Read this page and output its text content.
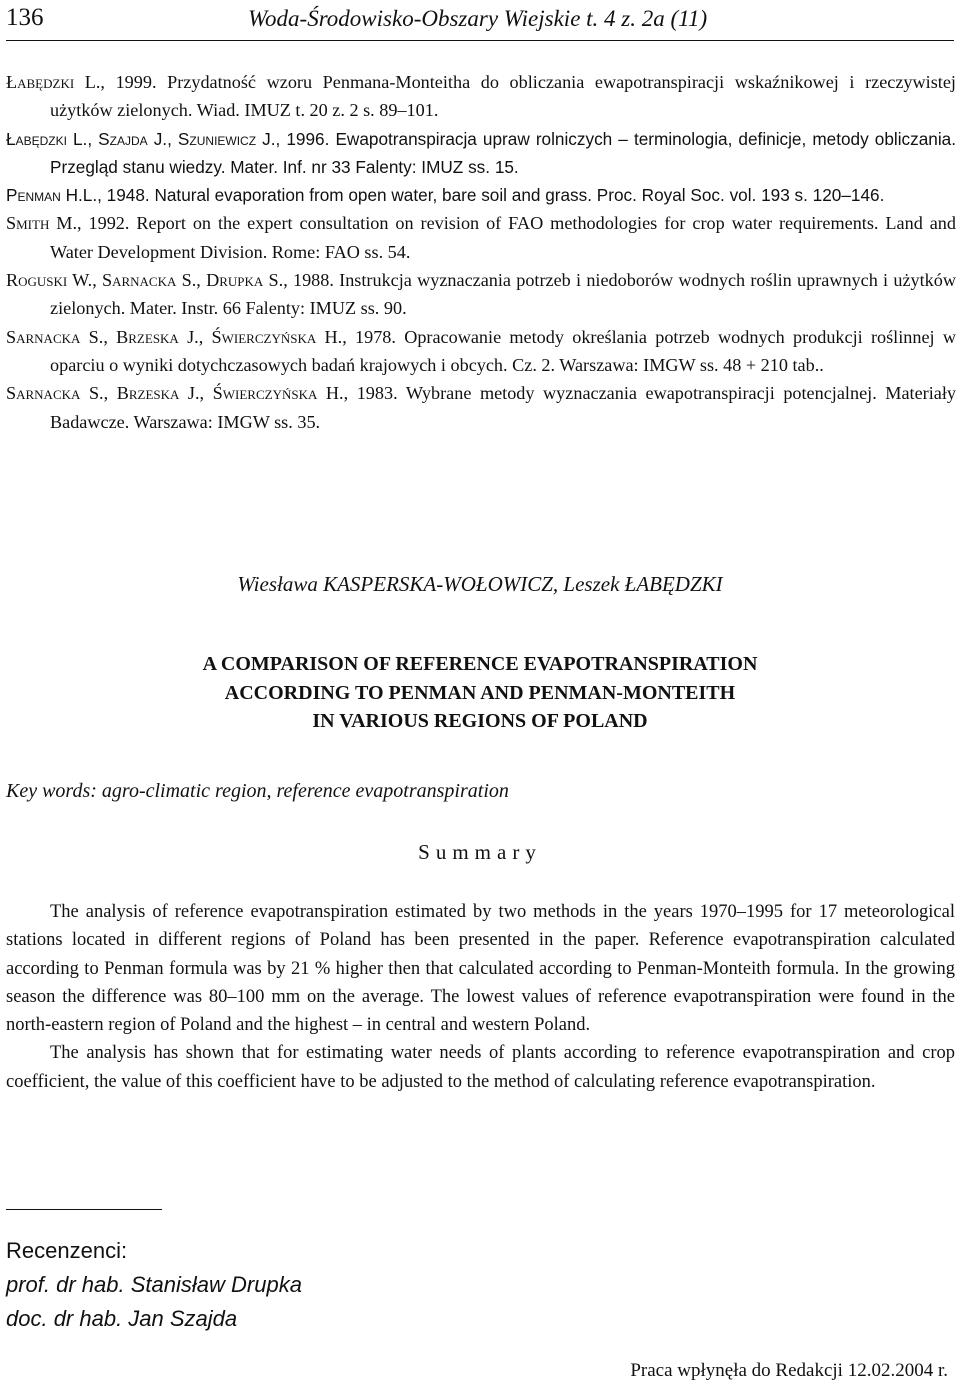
136	Woda-Środowisko-Obszary Wiejskie t. 4 z. 2a (11)
Łabędzki L., 1999. Przydatność wzoru Penmana-Monteitha do obliczania ewapotranspiracji wskaźnikowej i rzeczywistej użytków zielonych. Wiad. IMUZ t. 20 z. 2 s. 89–101.
Łabędzki L., Szajda J., Szuniewicz J., 1996. Ewapotranspiracja upraw rolniczych – terminologia, definicje, metody obliczania. Przegląd stanu wiedzy. Mater. Inf. nr 33 Falenty: IMUZ ss. 15.
Penman H.L., 1948. Natural evaporation from open water, bare soil and grass. Proc. Royal Soc. vol. 193 s. 120–146.
Smith M., 1992. Report on the expert consultation on revision of FAO methodologies for crop water requirements. Land and Water Development Division. Rome: FAO ss. 54.
Roguski W., Sarnacka S., Drupka S., 1988. Instrukcja wyznaczania potrzeb i niedoborów wodnych roślin uprawnych i użytków zielonych. Mater. Instr. 66 Falenty: IMUZ ss. 90.
Sarnacka S., Brzeska J., Świerczyńska H., 1978. Opracowanie metody określania potrzeb wodnych produkcji roślinnej w oparciu o wyniki dotychczasowych badań krajowych i obcych. Cz. 2. Warszawa: IMGW ss. 48 + 210 tab..
Sarnacka S., Brzeska J., Świerczyńska H., 1983. Wybrane metody wyznaczania ewapotranspiracji potencjalnej. Materiały Badawcze. Warszawa: IMGW ss. 35.
Wiesława KASPERSKA-WOŁOWICZ, Leszek ŁABĘDZKI
A COMPARISON OF REFERENCE EVAPOTRANSPIRATION
ACCORDING TO PENMAN AND PENMAN-MONTEITH
IN VARIOUS REGIONS OF POLAND
Key words: agro-climatic region, reference evapotranspiration
Summary

The analysis of reference evapotranspiration estimated by two methods in the years 1970–1995 for 17 meteorological stations located in different regions of Poland has been presented in the paper. Reference evapotranspiration calculated according to Penman formula was by 21 % higher then that calculated according to Penman-Monteith formula. In the growing season the difference was 80–100 mm on the average. The lowest values of reference evapotranspiration were found in the north-eastern region of Poland and the highest – in central and western Poland.

The analysis has shown that for estimating water needs of plants according to reference evapotranspiration and crop coefficient, the value of this coefficient have to be adjusted to the method of calculating reference evapotranspiration.

Recenzenci:
prof. dr hab. Stanisław Drupka
doc. dr hab. Jan Szajda
Praca wpłynęła do Redakcji 12.02.2004 r.
